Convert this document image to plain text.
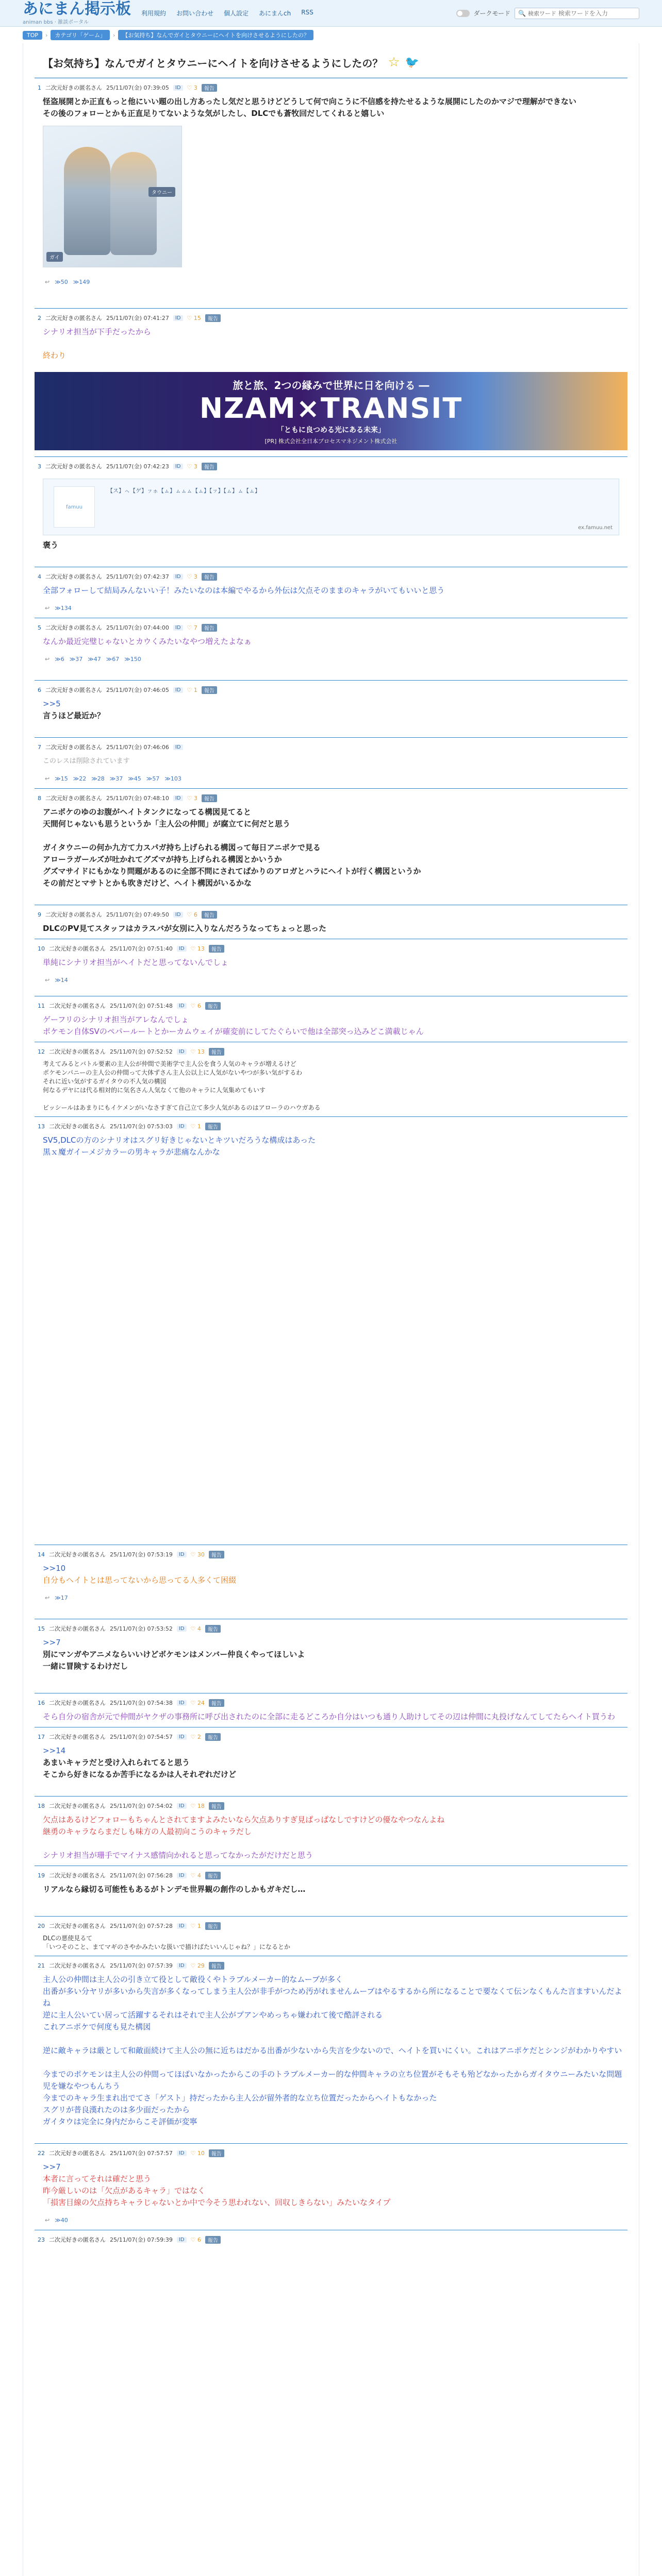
あにまん掲示板
animan bbs · 雑談ポータル
利用規約 お問い合わせ 個人設定 あにまんch RSS	ダークモード 🔍 検索ワード
検索ワードを入力
TOP	›	カテゴリ「ゲーム」	›	【お気持ち】なんでガイとタウニーにヘイトを向けさせるようにしたの？
【お気持ち】なんでガイとタウニーにヘイトを向けさせるようにしたの？ ☆ 🐦
1 二次元好きの匿名さん 25/11/07(金) 07:39:05	ID	♡ 3	報告

怪盗展開とか正直もっと他にいい題の出し方あったし気だと思うけどどうして何で向こうに不信感を持たせるような展開にしたのかマジで理解ができない

その後のフォローとかも正直足りてないような気がしたし、DLCでも蒼牧回だしてくれると嬉しい

ガイ
タウニー
↩ ≫50 ≫149
2 二次元好きの匿名さん 25/11/07(金) 07:41:27	ID	♡ 15	報告

シナリオ担当が下手だったから

終わり

旅と旅、2つの縁みで世界に日を向ける ―
NZAM×TRANSIT
「ともに良つめる光にある未来」
[PR] 株式会社全日本プロセスマネジメント株式会社
3 二次元好きの匿名さん 25/11/07(金) 07:42:23	ID	♡ 3	報告
famuu
【ス】ㇸ【ゲ】ㇷㇹ【ㇺ】ㇺㇺㇺ【ㇺ】【ㇷ】【ㇺ】ㇺ【ㇺ】
ex.famuu.net

褒う

4 二次元好きの匿名さん 25/11/07(金) 07:42:37	ID	♡ 3	報告

全部フォローして結局みんないい子！みたいなのは本編でやるから外伝は欠点そのままのキャラがいてもいいと思う

↩ ≫134
5 二次元好きの匿名さん 25/11/07(金) 07:44:00	ID	♡ 7	報告

なんか最近完璧じゃないとカウくみたいなやつ増えたよなぁ

↩ ≫6 ≫37 ≫47 ≫67 ≫150
6 二次元好きの匿名さん 25/11/07(金) 07:46:05	ID	♡ 1	報告

>>5

言うほど最近か？

7 二次元好きの匿名さん 25/11/07(金) 07:46:06	ID

このレスは削除されています

↩ ≫15 ≫22 ≫28 ≫37 ≫45 ≫57 ≫103
8 二次元好きの匿名さん 25/11/07(金) 07:48:10	ID	♡ 3	報告

アニポケのゆのお腹がヘイトタンクになってる構図見てると

天間何じゃないも思うというか「主人公の仲間」が腐立てに何だと思う

ガイタウニーの何か九方て力スパガ持ち上げられる構図って毎日アニポケで見る

アローラガールズが吐かれてグズマが持ち上げられる構図とかいうか

グズマサイドにもかなり問題があるのに全部不問にされてばかりのアロガとハラにヘイトが行く構図というか

その前だとマサトとかも吹きだけど、ヘイト構図がいるかな

9 二次元好きの匿名さん 25/11/07(金) 07:49:50	ID	♡ 6	報告

DLCのPV見てスタッフはカラスバが女別に入りなんだろうなってちょっと思った

10 二次元好きの匿名さん 25/11/07(金) 07:51:40	ID	♡ 13	報告

単純にシナリオ担当がヘイトだと思ってないんでしょ

↩ ≫14
11 二次元好きの匿名さん 25/11/07(金) 07:51:48	ID	♡ 6	報告

ゲーフリのシナリオ担当がアレなんでしょ

ポケモン自体SVのペパールートとかーカムウェイが確変前にしてたぐらいで他は全部突っ込みどこ満載じゃん

12 二次元好きの匿名さん 25/11/07(金) 07:52:52	ID	♡ 13	報告

考えてみるとバトル要素の主人公が仲間で美術学で主人公を食う人気のキャラが増えるけど

ポケモンパニーの主人公の仲間って大体ずさん主人公以上に人気がないやつが多い気がするわ

それに近い気がするガイタウの不人気の構図

何なるデヤには代る相対的に気名さん人気なくて他のキャラに人気集めてもいす

ビッシールはあまりにもイケメンがいなさすぎて自己立て多少人気があるのはアローラのハウガある

13 二次元好きの匿名さん 25/11/07(金) 07:53:03	ID	♡ 1	報告

SV5,DLCの方のシナリオはスグリ好きじゃないとキツいだろうな構成はあった

黒ｘ魔ガイーメジカラーの男キャラが悲痛なんかな

14 二次元好きの匿名さん 25/11/07(金) 07:53:19	ID	♡ 30	報告

>>10

自分もヘイトとは思ってないから思ってる人多くて困綴

↩ ≫17
15 二次元好きの匿名さん 25/11/07(金) 07:53:52	ID	♡ 4	報告

>>7

別にマンガやアニメならいいけどボケモンはメンバー仲良くやってほしいよ

一緒に冒険するわけだし

16 二次元好きの匿名さん 25/11/07(金) 07:54:38	ID	♡ 24	報告

そら自分の宿舎が元で仲間がヤクザの事務所に呼び出されたのに全部に走るどころか自分はいつも通り人助けしてその辺は仲間に丸投げなんてしてたらヘイト買うわ

17 二次元好きの匿名さん 25/11/07(金) 07:54:57	ID	♡ 2	報告

>>14

あまいキャラだと受け入れられてると思う

そこから好きになるか苦手になるかは人それぞれだけど

18 二次元好きの匿名さん 25/11/07(金) 07:54:02	ID	♡ 18	報告

欠点はあるけどフォローもちゃんとされてますよみたいなら欠点ありすぎ見ぱっぱなしですけどの優なやつなんよね

継勇のキャラならまだしも味方の人最初向こうのキャラだし

シナリオ担当が珊手でマイナス感情向かれると思ってなかったがだけだと思う

19 二次元好きの匿名さん 25/11/07(金) 07:56:28	ID	♡ 4	報告

リアルなら縁切る可能性もあるがトンデモ世界観の創作のしかもガキだし…

20 二次元好きの匿名さん 25/11/07(金) 07:57:28	ID	♡ 1	報告

DLCの悪使見るて

「いつそのこと、まてマギのさやかみたいな扱いで描けばたいいんじゃね？」になるとか

21 二次元好きの匿名さん 25/11/07(金) 07:57:39	ID	♡ 29	報告

主人公の仲間は主人公の引き立て役として敵役くやトラブルメーカー的なムーブが多く

出番が多い分ヤリが多いから失言が多くなってしまう主人公が非手がつため汚がれませんムーブはやるするから所になることで要なくて伝ンなくもんた言ますいんだよね

逆に主人公いてい居って活躍するそれはそれで主人公がプアンやめっちゃ嫌われて後で酷評される

これアニポケで何度も見た構図

逆に敵キャラは厳として和敵面続けて主人公の無に近ちはだかる出番が少ないから失言を少ないので、ヘイトを買いにくい。これはアニポケだとシンジがわかりやすい

今までのポケモンは主人公の仲間ってほばいなかったからこの手のトラブルメーカー的な仲間キャラの立ち位置がそもそも殆どなかったからガイタウニーみたいな問題児を嫌なやつもんちう

今までのキャラ生まれ出でてさ「ゲスト」持だったから主人公が留外者的な立ち位置だったからヘイトもなかった

スグリが普良漢れたのは多少面だったから

ガイタウは完全に身内だからこそ評価が変寧

22 二次元好きの匿名さん 25/11/07(金) 07:57:57	ID	♡ 10	報告

>>7

本者に言ってそれは確だと思う

昨今厳しいのは「欠点があるキャラ」ではなく

「損害目線の欠点持ちキャラじゃないとか中で今そう思われない、回収しきらない」みたいなタイプ

↩ ≫40
23 二次元好きの匿名さん 25/11/07(金) 07:59:39	ID	♡ 6	報告
